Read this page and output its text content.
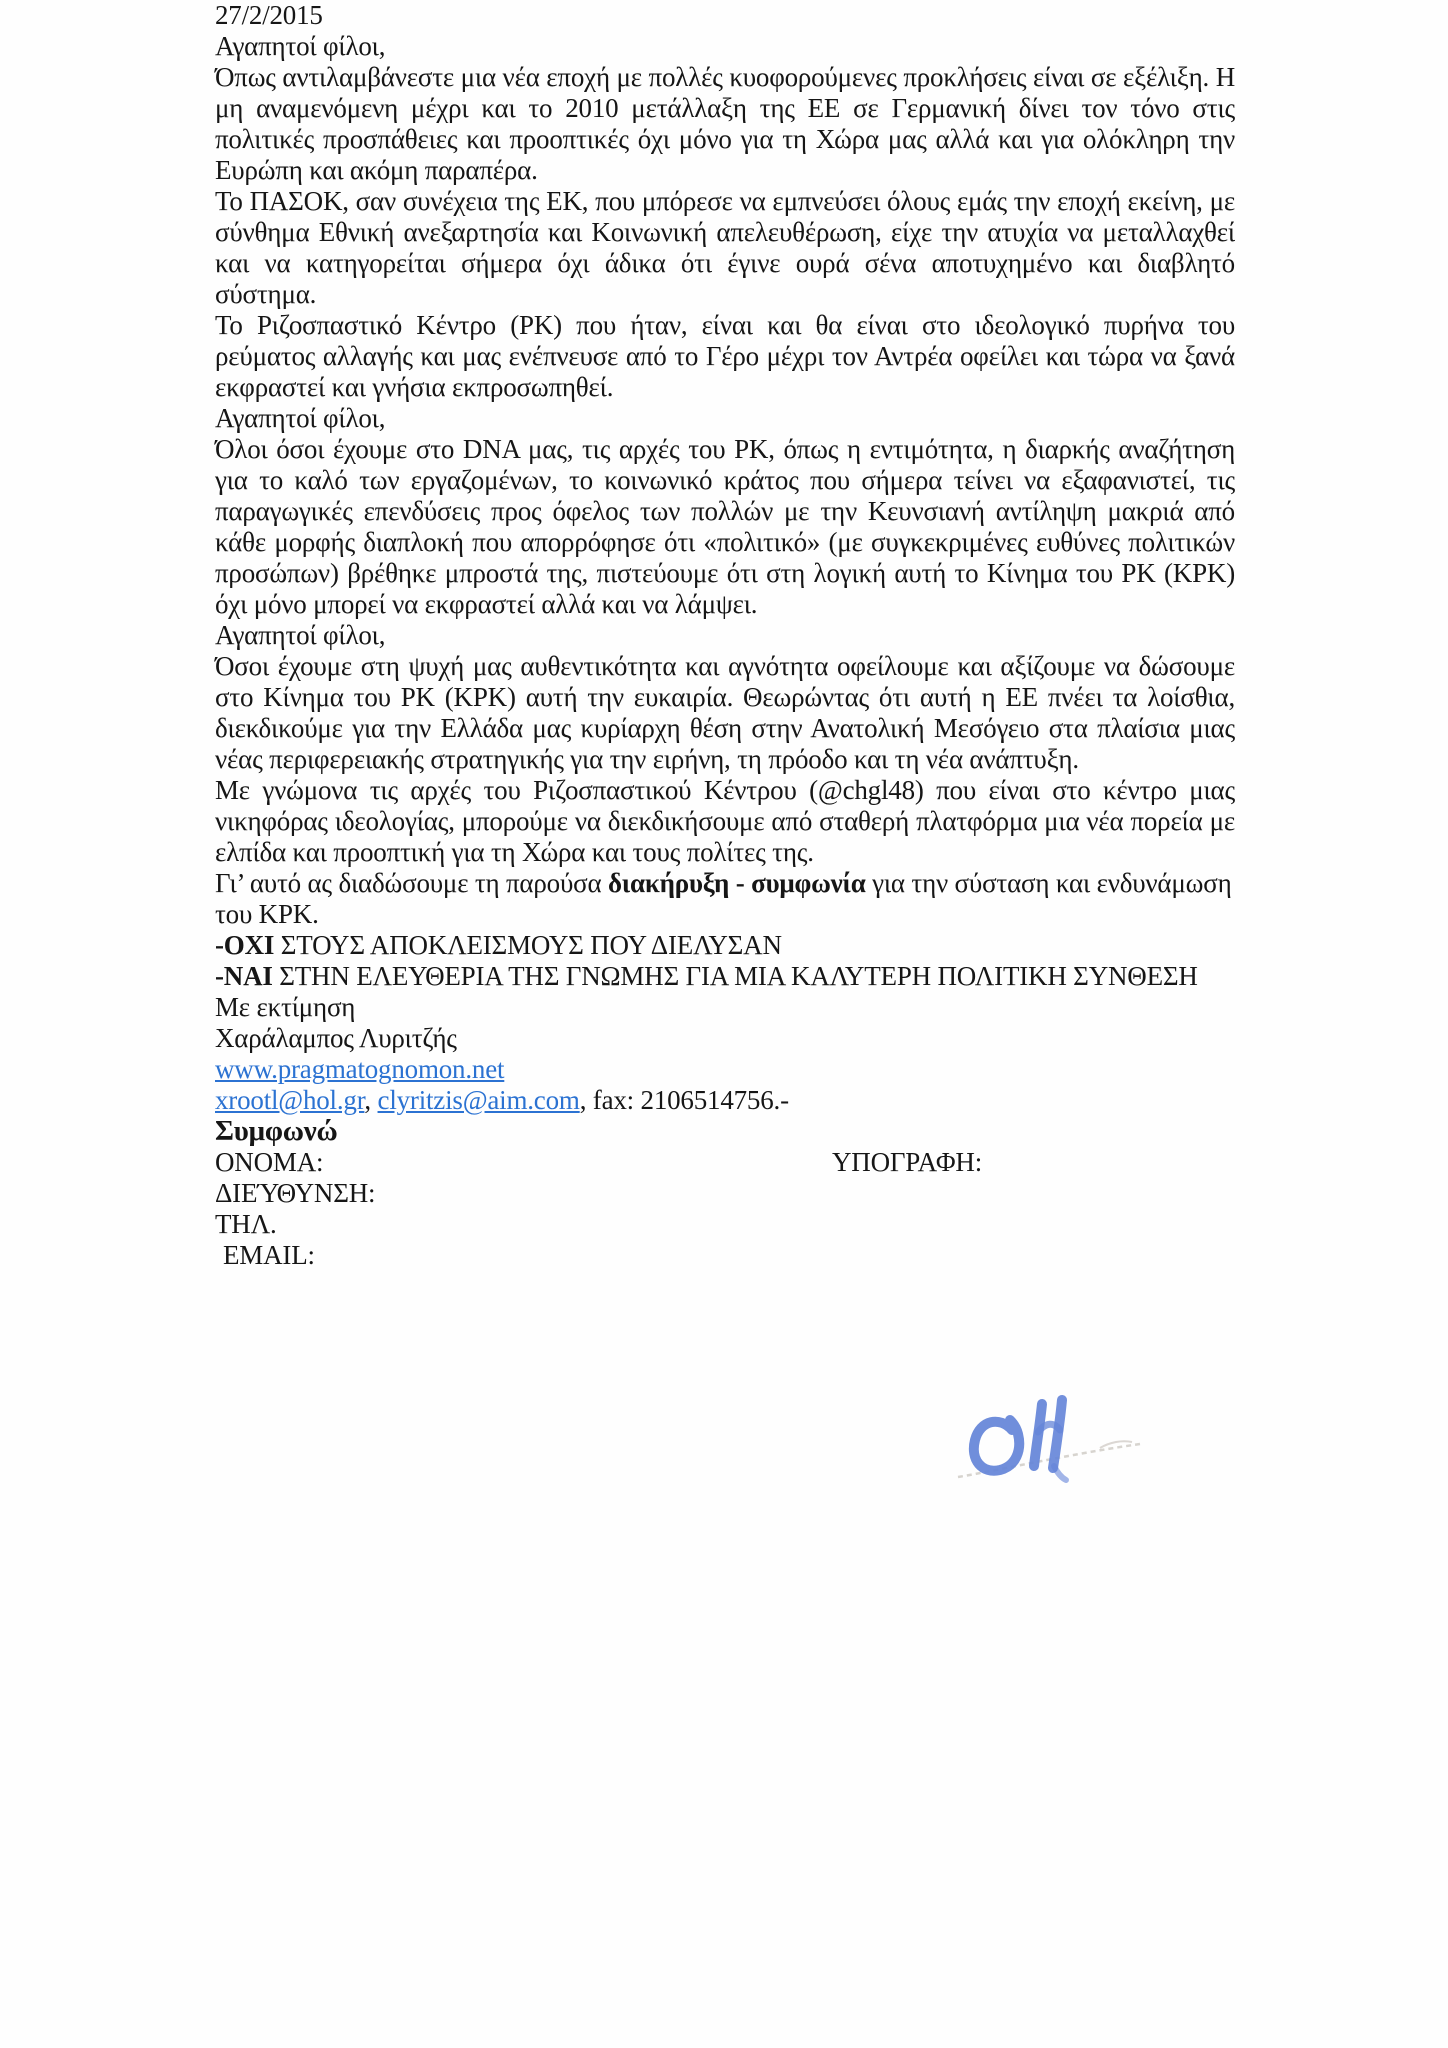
27/2/2015
Αγαπητοί φίλοι,

Όπως αντιλαμβάνεστε μια νέα εποχή με πολλές κυοφορούμενες προκλήσεις είναι σε εξέλιξη. Η μη αναμενόμενη μέχρι και το 2010 μετάλλαξη της ΕΕ σε Γερμανική δίνει τον τόνο στις πολιτικές προσπάθειες και προοπτικές όχι μόνο για τη Χώρα μας αλλά και για ολόκληρη την Ευρώπη και ακόμη παραπέρα.

Το ΠΑΣΟΚ, σαν συνέχεια της ΕΚ, που μπόρεσε να εμπνεύσει όλους εμάς την εποχή εκείνη, με σύνθημα Εθνική ανεξαρτησία και Κοινωνική απελευθέρωση, είχε την ατυχία να μεταλλαχθεί και να κατηγορείται σήμερα όχι άδικα ότι έγινε ουρά σένα αποτυχημένο και διαβλητό σύστημα.

Το Ριζοσπαστικό Κέντρο (ΡΚ) που ήταν, είναι και θα είναι στο ιδεολογικό πυρήνα του ρεύματος αλλαγής και μας ενέπνευσε από το Γέρο μέχρι τον Αντρέα οφείλει και τώρα να ξανά εκφραστεί και γνήσια εκπροσωπηθεί.

Αγαπητοί φίλοι,

Όλοι όσοι έχουμε στο DNA μας, τις αρχές του ΡΚ, όπως η εντιμότητα, η διαρκής αναζήτηση για το καλό των εργαζομένων, το κοινωνικό κράτος που σήμερα τείνει να εξαφανιστεί, τις παραγωγικές επενδύσεις προς όφελος των πολλών με την Κευνσιανή αντίληψη μακριά από κάθε μορφής διαπλοκή που απορρόφησε ότι «πολιτικό» (με συγκεκριμένες ευθύνες πολιτικών προσώπων) βρέθηκε μπροστά της, πιστεύουμε ότι στη λογική αυτή το Κίνημα του ΡΚ (ΚΡΚ) όχι μόνο μπορεί να εκφραστεί αλλά και να λάμψει.

Αγαπητοί φίλοι,

Όσοι έχουμε στη ψυχή μας αυθεντικότητα και αγνότητα οφείλουμε και αξίζουμε να δώσουμε στο Κίνημα του ΡΚ (ΚΡΚ) αυτή την ευκαιρία. Θεωρώντας ότι αυτή η ΕΕ πνέει τα λοίσθια, διεκδικούμε για την Ελλάδα μας κυρίαρχη θέση στην Ανατολική Μεσόγειο στα πλαίσια μιας νέας περιφερειακής στρατηγικής για την ειρήνη, τη πρόοδο και τη νέα ανάπτυξη.

Με γνώμονα τις αρχές του Ριζοσπαστικού Κέντρου (@chgl48) που είναι στο κέντρο μιας νικηφόρας ιδεολογίας, μπορούμε να διεκδικήσουμε από σταθερή πλατφόρμα μια νέα πορεία με ελπίδα και προοπτική για τη Χώρα και τους πολίτες της.

Γι’ αυτό ας διαδώσουμε τη παρούσα διακήρυξη - συμφωνία για την σύσταση και ενδυνάμωση του ΚΡΚ.

-ΟΧΙ ΣΤΟΥΣ ΑΠΟΚΛΕΙΣΜΟΥΣ ΠΟΥ ΔΙΕΛΥΣΑΝ

-ΝΑΙ ΣΤΗΝ ΕΛΕΥΘΕΡΙΑ ΤΗΣ ΓΝΩΜΗΣ ΓΙΑ ΜΙΑ ΚΑΛΥΤΕΡΗ ΠΟΛΙΤΙΚΗ ΣΥΝΘΕΣΗ

Με εκτίμηση

Χαράλαμπος Λυριτζής

www.pragmatognomon.net

xrootl@hol.gr, clyritzis@aim.com, fax: 2106514756.-

Συμφωνώ

ΟΝΟΜΑ:	ΥΠΟΓΡΑΦΗ:

ΔΙΕΎΘΥΝΣΗ:

ΤΗΛ.

EMAIL:
